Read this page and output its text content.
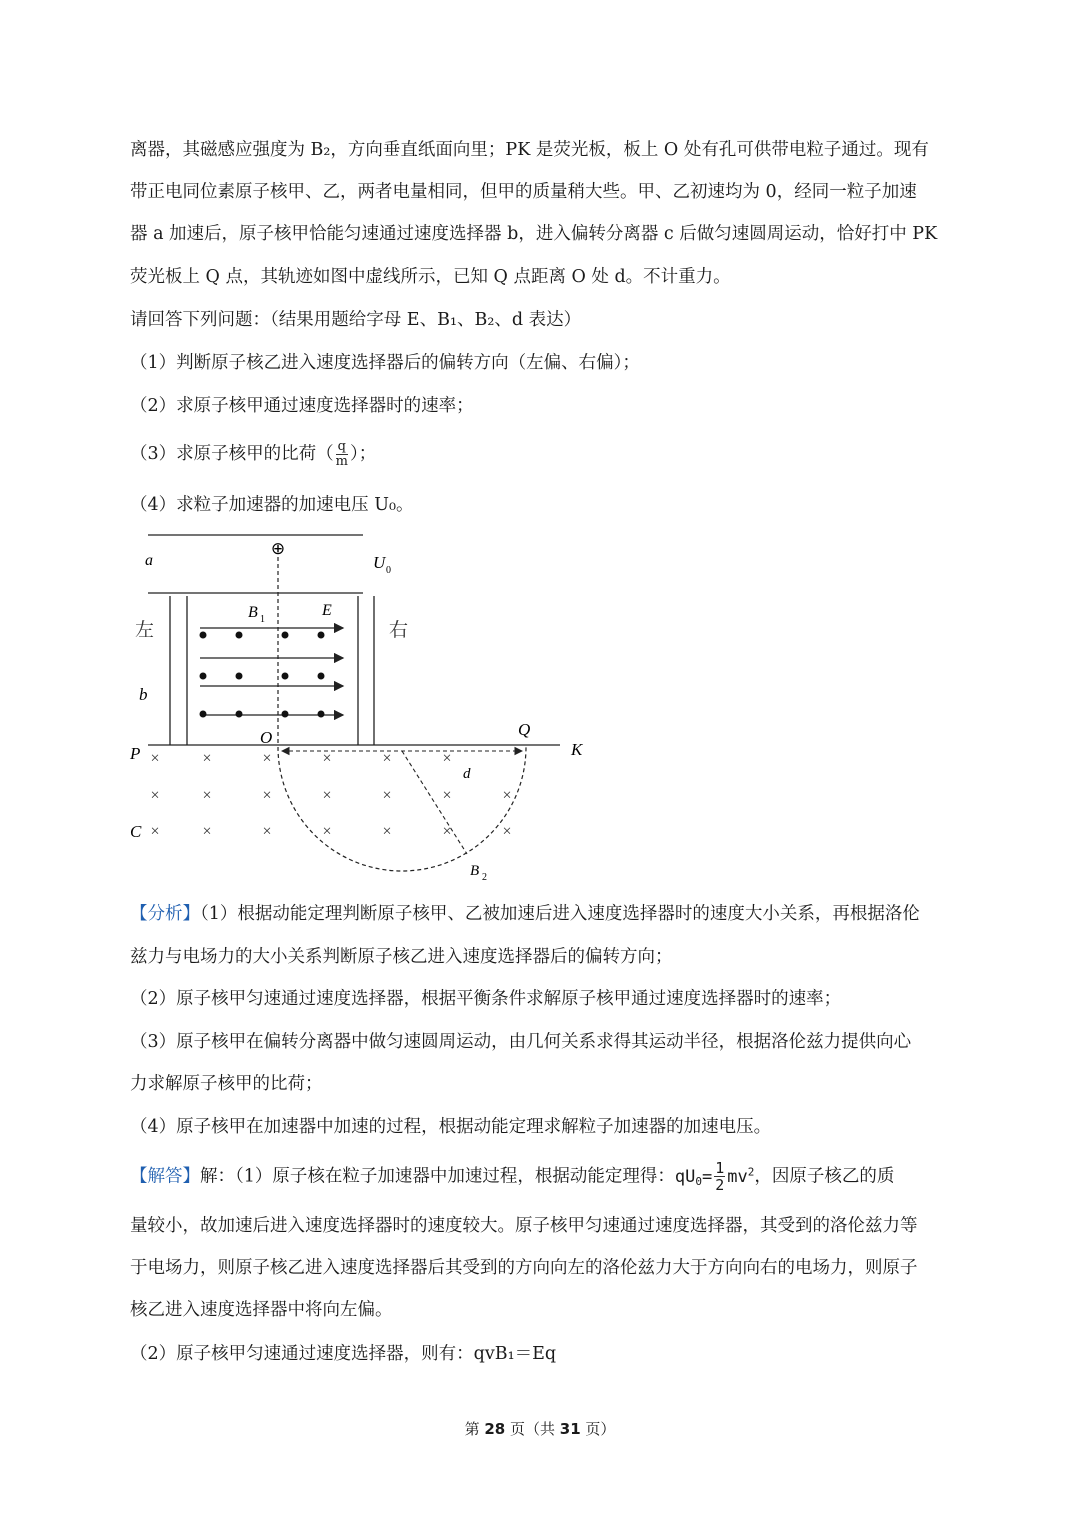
离器，其磁感应强度为 B₂，方向垂直纸面向里；PK 是荧光板，板上 O 处有孔可供带电粒子通过。现有
带正电同位素原子核甲、乙，两者电量相同，但甲的质量稍大些。甲、乙初速均为 0，经同一粒子加速
器 a 加速后，原子核甲恰能匀速通过速度选择器 b，进入偏转分离器 c 后做匀速圆周运动，恰好打中 PK
荧光板上 Q 点，其轨迹如图中虚线所示，已知 Q 点距离 O 处 d。不计重力。
请回答下列问题：（结果用题给字母 E、B₁、B₂、d 表达）
（1）判断原子核乙进入速度选择器后的偏转方向（左偏、右偏）；
（2）求原子核甲通过速度选择器时的速率；
（3）求原子核甲的比荷（ $\frac{q}{m}$ ）；
（4）求粒子加速器的加速电压 U₀。
⊕
a	U 0
B 1
E
左	右
b
O	Q
P	K
d
C
B 2
×	×	×	×	×	×
×	×	×	×	×	×	×
×	×	×	×	×	×	×
【分析】（1）根据动能定理判断原子核甲、乙被加速后进入速度选择器时的速度大小关系，再根据洛伦
兹力与电场力的大小关系判断原子核乙进入速度选择器后的偏转方向；
（2）原子核甲匀速通过速度选择器，根据平衡条件求解原子核甲通过速度选择器时的速率；
（3）原子核甲在偏转分离器中做匀速圆周运动，由几何关系求得其运动半径，根据洛伦兹力提供向心
力求解原子核甲的比荷；
（4）原子核甲在加速器中加速的过程，根据动能定理求解粒子加速器的加速电压。
【解答】解：（1）原子核在粒子加速器中加速过程，根据动能定理得：$qU_0= \frac{1}{2} mv^2$，因原子核乙的质
量较小，故加速后进入速度选择器时的速度较大。原子核甲匀速通过速度选择器，其受到的洛伦兹力等
于电场力，则原子核乙进入速度选择器后其受到的方向向左的洛伦兹力大于方向向右的电场力，则原子
核乙进入速度选择器中将向左偏。
（2）原子核甲匀速通过速度选择器，则有：qvB₁＝Eq
第 28 页（共 31 页）
